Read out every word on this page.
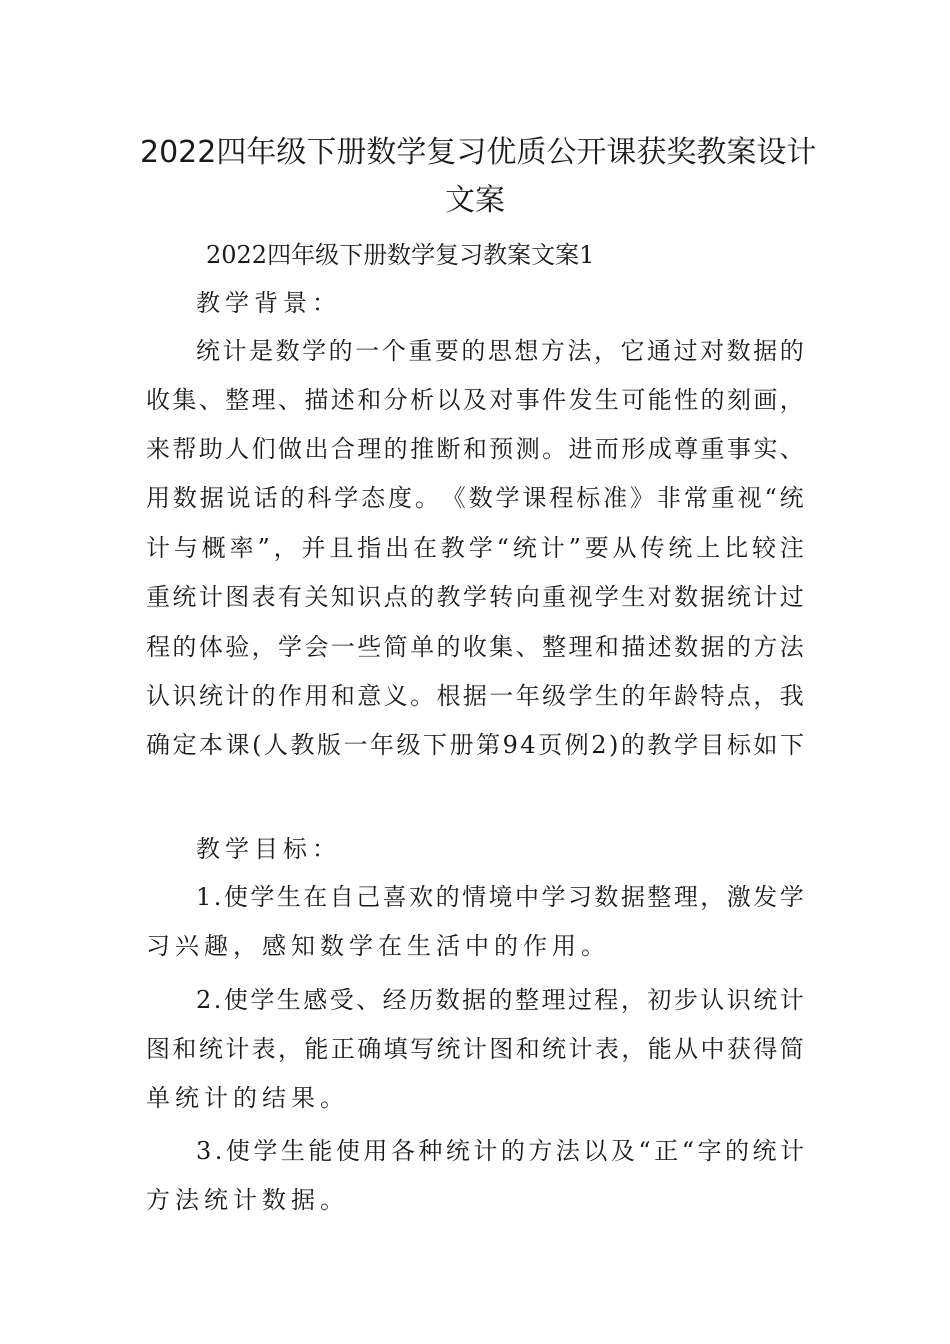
2022四年级下册数学复习优质公开课获奖教案设计
文案
2022四年级下册数学复习教案文案1
教学背景：
统 计 是 数 学 的 一 个 重 要 的 思 想 方 法 ， 它 通 过 对 数 据 的
收 集 、 整 理 、 描 述 和 分 析 以 及 对 事 件 发 生 可 能 性 的 刻 画 ，
来 帮 助 人 们 做 出 合 理 的 推 断 和 预 测 。 进 而 形 成 尊 重 事 实 、
用 数 据 说 话 的 科 学 态 度 。 《 数 学 课 程 标 准 》 非 常 重 视 “ 统
计 与 概 率 ” ， 并 且 指 出 在 教 学 “ 统 计 ” 要 从 传 统 上 比 较 注
重 统 计 图 表 有 关 知 识 点 的 教 学 转 向 重 视 学 生 对 数 据 统 计 过
程 的 体 验 ， 学 会 一 些 简 单 的 收 集 、 整 理 和 描 述 数 据 的 方 法
认 识 统 计 的 作 用 和 意 义 。 根 据 一 年 级 学 生 的 年 龄 特 点 ， 我
确 定 本 课 ( 人 教 版 一 年 级 下 册 第 9 4 页 例 2 ) 的 教 学 目 标 如 下
教学目标：
1 . 使 学 生 在 自 己 喜 欢 的 情 境 中 学 习 数 据 整 理 ， 激 发 学
习兴趣，感知数学在生活中的作用。
2 . 使 学 生 感 受 、 经 历 数 据 的 整 理 过 程 ， 初 步 认 识 统 计
图 和 统 计 表 ， 能 正 确 填 写 统 计 图 和 统 计 表 ， 能 从 中 获 得 简
单统计的结果。
3 . 使 学 生 能 使 用 各 种 统 计 的 方 法 以 及 “ 正 “ 字 的 统 计
方法统计数据。
